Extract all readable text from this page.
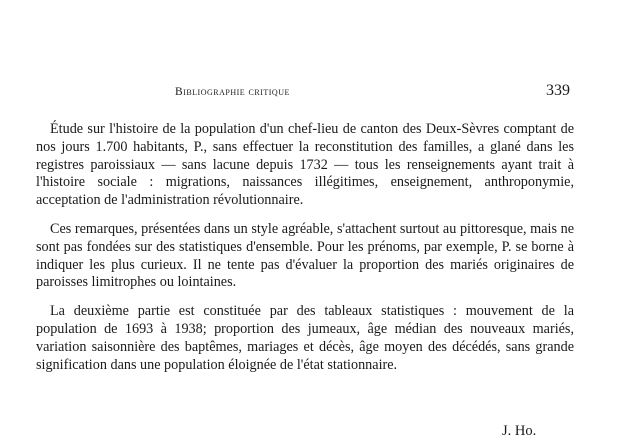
Bibliographie critique	339

Étude sur l'histoire de la population d'un chef-lieu de canton des Deux-Sèvres comptant de nos jours 1.700 habitants, P., sans effectuer la reconstitution des familles, a glané dans les registres paroissiaux — sans lacune depuis 1732 — tous les renseignements ayant trait à l'histoire sociale : migrations, naissances illégitimes, enseignement, anthroponymie, acceptation de l'administration révolutionnaire.

Ces remarques, présentées dans un style agréable, s'attachent surtout au pittoresque, mais ne sont pas fondées sur des statistiques d'ensemble. Pour les prénoms, par exemple, P. se borne à indiquer les plus curieux. Il ne tente pas d'évaluer la proportion des mariés originaires de paroisses limitrophes ou lointaines.

La deuxième partie est constituée par des tableaux statistiques : mouvement de la population de 1693 à 1938; proportion des jumeaux, âge médian des nouveaux mariés, variation saisonnière des baptêmes, mariages et décès, âge moyen des décédés, sans grande signification dans une population éloignée de l'état stationnaire.

J. Ho.
